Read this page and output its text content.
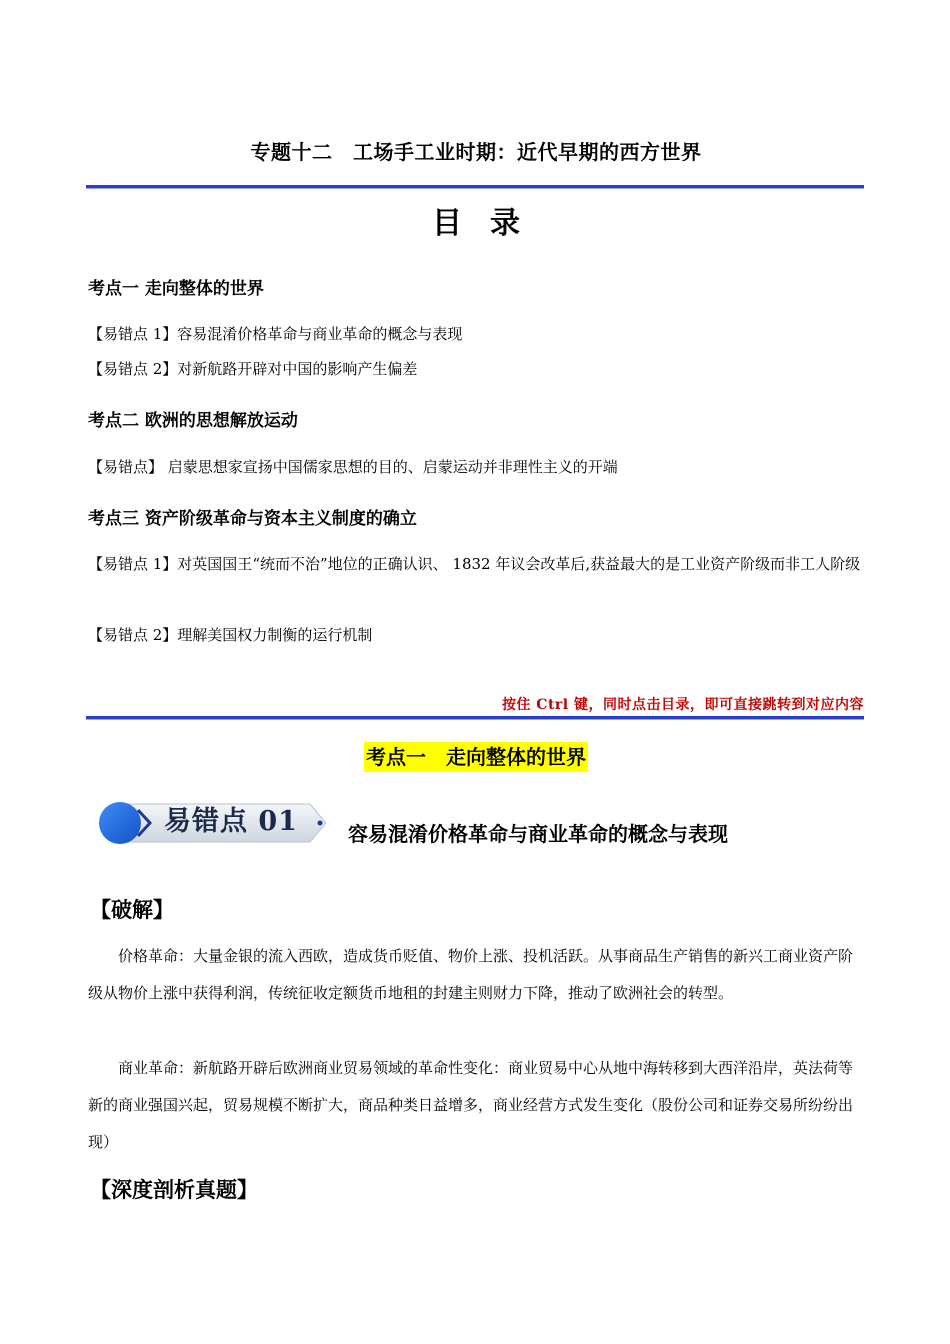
专题十二　工场手工业时期：近代早期的西方世界
目录
考点一 走向整体的世界
【易错点 1】容易混淆价格革命与商业革命的概念与表现
【易错点 2】对新航路开辟对中国的影响产生偏差
考点二 欧洲的思想解放运动
【易错点】 启蒙思想家宣扬中国儒家思想的目的、启蒙运动并非理性主义的开端
考点三 资产阶级革命与资本主义制度的确立
【易错点 1】对英国国王“统而不治”地位的正确认识、 1832 年议会改革后,获益最大的是工业资产阶级而非工人阶级
【易错点 2】理解美国权力制衡的运行机制
按住 Ctrl 键，同时点击目录，即可直接跳转到对应内容
考点一　走向整体的世界
易错点 01	容易混淆价格革命与商业革命的概念与表现
【破解】
价格革命：大量金银的流入西欧，造成货币贬值、物价上涨、投机活跃。从事商品生产销售的新兴工商业资产阶级从物价上涨中获得利润，传统征收定额货币地租的封建主则财力下降，推动了欧洲社会的转型。
商业革命：新航路开辟后欧洲商业贸易领域的革命性变化：商业贸易中心从地中海转移到大西洋沿岸，英法荷等新的商业强国兴起，贸易规模不断扩大，商品种类日益增多，商业经营方式发生变化（股份公司和证券交易所纷纷出现）
【深度剖析真题】
